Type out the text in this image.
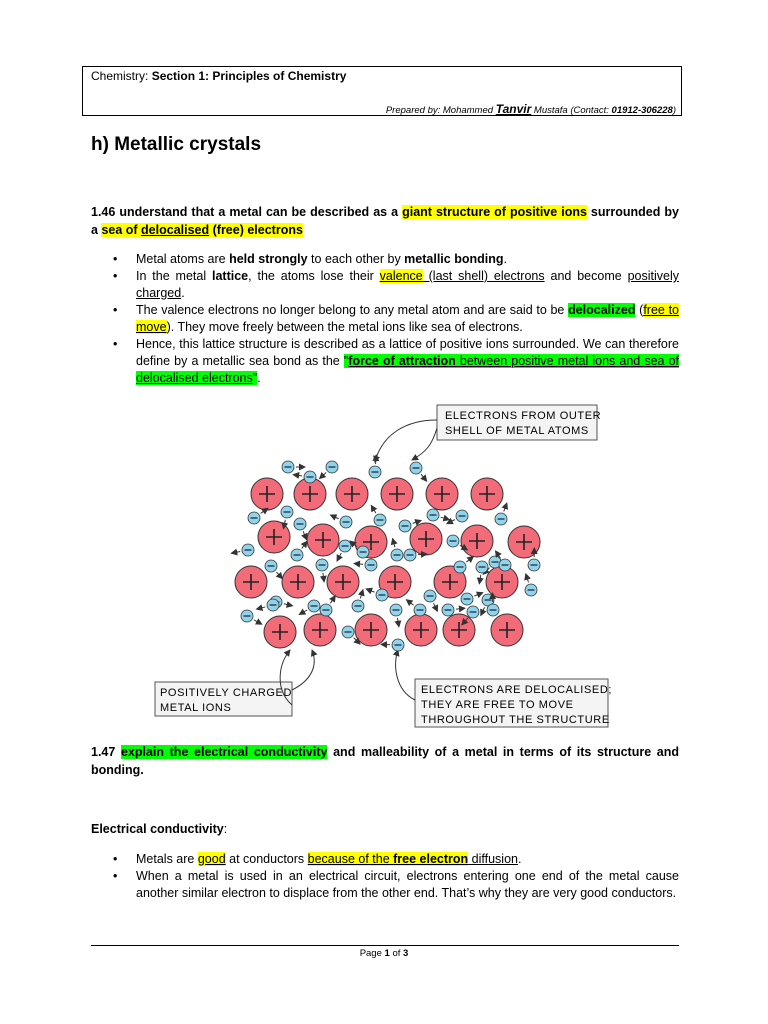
Chemistry: Section 1: Principles of Chemistry
Prepared by: Mohammed Tanvir Mustafa (Contact: 01912-306228)
h) Metallic crystals

1.46 understand that a metal can be described as a giant structure of positive ions surrounded by a sea of delocalised (free) electrons

• Metal atoms are held strongly to each other by metallic bonding.
• In the metal lattice, the atoms lose their valence (last shell) electrons and become positively charged.
• The valence electrons no longer belong to any metal atom and are said to be delocalized (free to move). They move freely between the metal ions like sea of electrons.
• Hence, this lattice structure is described as a lattice of positive ions surrounded. We can therefore define by a metallic sea bond as the "force of attraction between positive metal ions and sea of delocalised electrons".
ELECTRONS FROM OUTER
SHELL OF METAL ATOMS
POSITIVELY CHARGED
METAL IONS
ELECTRONS ARE DELOCALISED;
THEY ARE FREE TO MOVE
THROUGHOUT THE STRUCTURE

1.47 explain the electrical conductivity and malleability of a metal in terms of its structure and bonding.

Electrical conductivity:

• Metals are good at conductors because of the free electron diffusion.
• When a metal is used in an electrical circuit, electrons entering one end of the metal cause another similar electron to displace from the other end. That’s why they are very good conductors.
Page 1 of 3
